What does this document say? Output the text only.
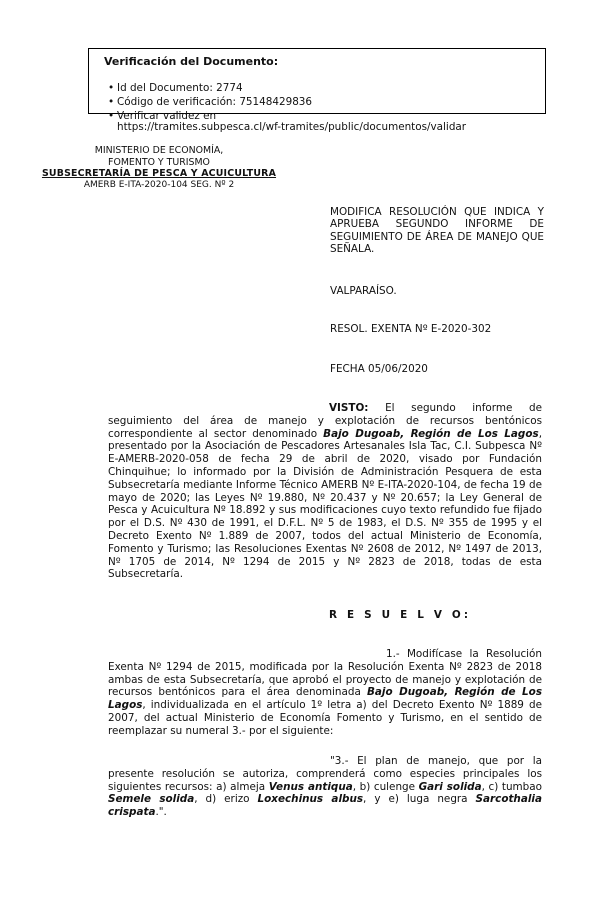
Verificación del Documento:
• Id del Documento: 2774
• Código de verificación: 75148429836
• Verificar validez en
https://tramites.subpesca.cl/wf-tramites/public/documentos/validar
MINISTERIO DE ECONOMÍA,
FOMENTO Y TURISMO
SUBSECRETARÍA DE PESCA Y ACUICULTURA
AMERB E-ITA-2020-104 SEG. Nº 2
MODIFICA RESOLUCIÓN QUE INDICA Y APRUEBA SEGUNDO INFORME DE SEGUIMIENTO DE ÁREA DE MANEJO QUE SEÑALA.
VALPARAÍSO.
RESOL. EXENTA Nº E-2020-302
FECHA 05/06/2020

VISTO: El segundo informe de seguimiento del área de manejo y explotación de recursos bentónicos correspondiente al sector denominado Bajo Dugoab, Región de Los Lagos, presentado por la Asociación de Pescadores Artesanales Isla Tac, C.I. Subpesca Nº E-AMERB-2020-058 de fecha 29 de abril de 2020, visado por Fundación Chinquihue; lo informado por la División de Administración Pesquera de esta Subsecretaría mediante Informe Técnico AMERB Nº E-ITA-2020-104, de fecha 19 de mayo de 2020; las Leyes Nº 19.880, Nº 20.437 y Nº 20.657; la Ley General de Pesca y Acuicultura Nº 18.892 y sus modificaciones cuyo texto refundido fue fijado por el D.S. Nº 430 de 1991, el D.F.L. Nº 5 de 1983, el D.S. Nº 355 de 1995 y el Decreto Exento Nº 1.889 de 2007, todos del actual Ministerio de Economía, Fomento y Turismo; las Resoluciones Exentas Nº 2608 de 2012, Nº 1497 de 2013, Nº 1705 de 2014, Nº 1294 de 2015 y Nº 2823 de 2018, todas de esta Subsecretaría.

R E S U E L V O:

1.- Modifícase la Resolución Exenta Nº 1294 de 2015, modificada por la Resolución Exenta Nº 2823 de 2018 ambas de esta Subsecretaría, que aprobó el proyecto de manejo y explotación de recursos bentónicos para el área denominada Bajo Dugoab, Región de Los Lagos, individualizada en el artículo 1º letra a) del Decreto Exento Nº 1889 de 2007, del actual Ministerio de Economía Fomento y Turismo, en el sentido de reemplazar su numeral 3.- por el siguiente:

"3.- El plan de manejo, que por la presente resolución se autoriza, comprenderá como especies principales los siguientes recursos: a) almeja Venus antiqua, b) culenge Gari solida, c) tumbao Semele solida, d) erizo Loxechinus albus, y e) luga negra Sarcothalia crispata.".
